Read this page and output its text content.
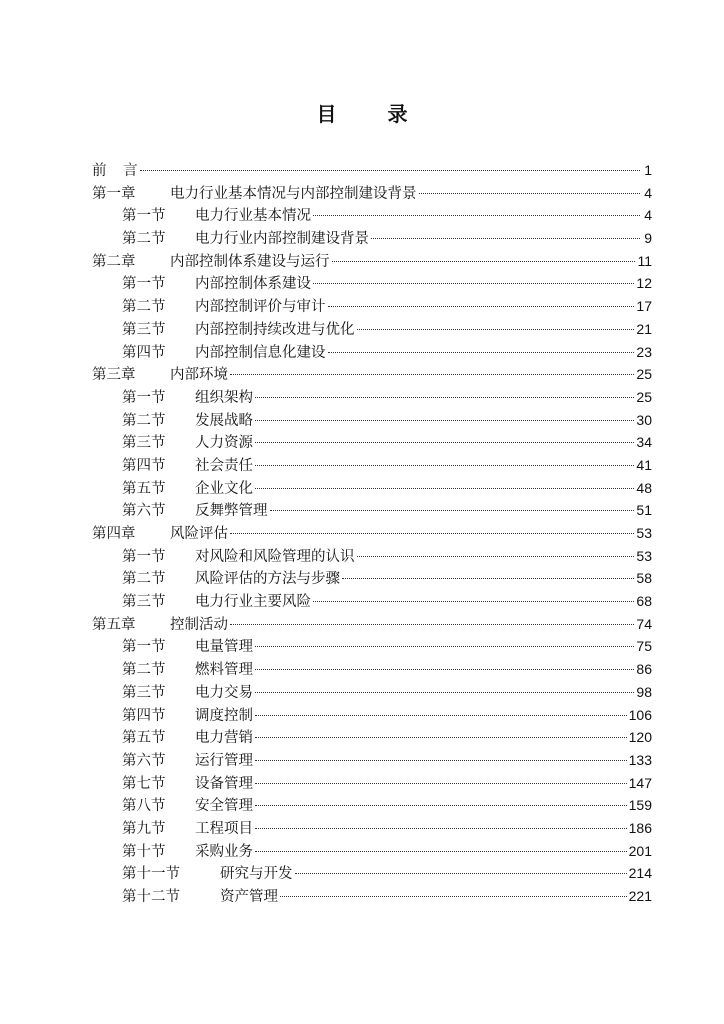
目 录
前 言	1
第一章	电力行业基本情况与内部控制建设背景	4
第一节	电力行业基本情况	4
第二节	电力行业内部控制建设背景	9
第二章	内部控制体系建设与运行	11
第一节	内部控制体系建设	12
第二节	内部控制评价与审计	17
第三节	内部控制持续改进与优化	21
第四节	内部控制信息化建设	23
第三章	内部环境	25
第一节	组织架构	25
第二节	发展战略	30
第三节	人力资源	34
第四节	社会责任	41
第五节	企业文化	48
第六节	反舞弊管理	51
第四章	风险评估	53
第一节	对风险和风险管理的认识	53
第二节	风险评估的方法与步骤	58
第三节	电力行业主要风险	68
第五章	控制活动	74
第一节	电量管理	75
第二节	燃料管理	86
第三节	电力交易	98
第四节	调度控制	106
第五节	电力营销	120
第六节	运行管理	133
第七节	设备管理	147
第八节	安全管理	159
第九节	工程项目	186
第十节	采购业务	201
第十一节	研究与开发	214
第十二节	资产管理	221
